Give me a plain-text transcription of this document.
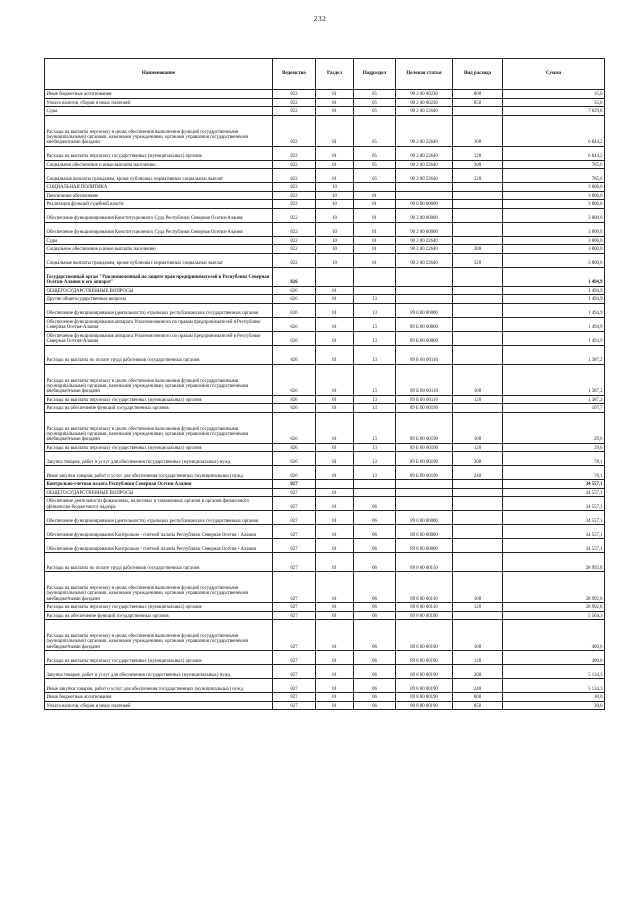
232
Наименование	Ведомство	Раздел	Подраздел	Целевая статья	Вид расхода	Сумма
Иные бюджетные ассигнования	822	01	05	90 2 00 00230	800	35,0
Уплата налогов, сборов и иных платежей	822	01	05	90 2 00 00230	850	35,0
Суды	822	01	05	90 2 00 22640		7 629,8
Расходы на выплаты персоналу в целях обеспечения выполнения функций государственными (муниципальными) органами, казенными учреждениями, органами управления государственными внебюджетными фондами	822	01	05	90 2 00 22640	100	6 844,2
Расходы на выплаты персоналу государственных (муниципальных) органов	822	01	05	90 2 00 22640	120	6 844,2
Социальное обеспечение и иные выплаты населению	822	01	05	90 2 00 22640	300	785,6
Социальные выплаты гражданам, кроме публичных нормативных социальных выплат	822	01	05	90 2 00 22640	320	785,6
СОЦИАЛЬНАЯ ПОЛИТИКА	822	10				3 800,0
Пенсионное обеспечение	822	10	01			3 800,0
Реализация функций судебной власти	822	10	01	90 0 00 00000		3 800,0
Обеспечение функционирования Конституционного Суда Республики Северная Осетия-Алания	822	10	01	90 2 00 00000		3 800,0
Обеспечение функционирования Конституционного Суда Республики Северная Осетия-Алания	822	10	01	90 2 00 00000		3 800,0
Суды	822	10	01	90 2 00 22640		3 800,0
Социальное обеспечение и иные выплаты населению	822	10	01	90 2 00 22640	300	3 800,0
Социальные выплаты гражданам, кроме публичных нормативных социальных выплат	822	10	01	90 2 00 22640	320	3 800,0
Государственный орган "Уполномоченный по защите прав предпринимателей в Республике Северная Осетия-Алания и его аппарат"	826					1 494,9
ОБЩЕГОСУДАРСТВЕННЫЕ ВОПРОСЫ	826	01				1 494,9
Другие общегосударственные вопросы	826	01	13			1 494,9
Обеспечение функционирования (деятельности) отдельных республиканских государственных органов	826	01	13	89 0 00 00000		1 494,9
Обеспечение функционирования аппарата Уполномоченного по правам предпринимателей в Республике Северная Осетия-Алания	826	01	13	89 Б 00 00000		1 494,9
Обеспечение функционирования аппарата Уполномоченного по правам предпринимателей в Республике Северная Осетия-Алания	826	01	13	89 Б 00 00000		1 494,9
Расходы на выплаты по оплате труда работников государственных органов	826	01	13	89 Б 00 00110		1 387,2
Расходы на выплаты персоналу в целях обеспечения выполнения функций государственными (муниципальными) органами, казенными учреждениями, органами управления государственными внебюджетными фондами	826	01	13	89 Б 00 00110	100	1 387,2
Расходы на выплаты персоналу государственных (муниципальных) органов	826	01	13	89 Б 00 00110	120	1 387,2
Расходы на обеспечение функций государственных органов	826	01	13	89 Б 00 00190		107,7
Расходы на выплаты персоналу в целях обеспечения выполнения функций государственными (муниципальными) органами, казенными учреждениями, органами управления государственными внебюджетными фондами	826	01	13	89 Б 00 00190	100	29,6
Расходы на выплаты персоналу государственных (муниципальных) органов	826	01	13	89 Б 00 00190	120	29,6
Закупка товаров, работ и услуг для обеспечения государственных (муниципальных) нужд	826	01	13	89 Б 00 00190	200	78,1
Иные закупки товаров, работ и услуг для обеспечения государственных (муниципальных) нужд	826	01	13	89 Б 00 00190	240	78,1
Контрольно-счетная палата Республики Северная Осетия-Алания	827					34 557,1
ОБЩЕГОСУДАРСТВЕННЫЕ ВОПРОСЫ	827	01				34 557,1
Обеспечение деятельности финансовых, налоговых и таможенных органов и органов финансового (финансово-бюджетного) надзора	827	01	06			34 557,1
Обеспечение функционирования (деятельности) отдельных республиканских государственных органов	827	01	06	89 0 00 00000		34 557,1
Обеспечение функционирования Контрольно - счетной палаты Республики Северная Осетия - Алания	827	01	06	89 8 00 00000		34 557,1
Обеспечение функционирования Контрольно - счетной палаты Республики Северная Осетия - Алания	827	01	06	89 8 00 00000		34 557,1
Расходы на выплаты по оплате труда работников государственных органов	827	01	06	89 8 00 00110		28 992,8
Расходы на выплаты персоналу в целях обеспечения выполнения функций государственными (муниципальными) органами, казенными учреждениями, органами управления государственными внебюджетными фондами	827	01	06	89 8 00 00110	100	28 992,8
Расходы на выплаты персоналу государственных (муниципальных) органов	827	01	06	89 8 00 00110	120	28 992,8
Расходы на обеспечение функций государственных органов	827	01	06	89 8 00 00190		5 564,3
Расходы на выплаты персоналу в целях обеспечения выполнения функций государственными (муниципальными) органами, казенными учреждениями, органами управления государственными внебюджетными фондами	827	01	06	89 8 00 00190	100	400,0
Расходы на выплаты персоналу государственных (муниципальных) органов	827	01	06	89 8 00 00190	120	400,0
Закупка товаров, работ и услуг для обеспечения государственных (муниципальных) нужд	827	01	06	89 8 00 00190	200	5 134,3
Иные закупки товаров, работ и услуг для обеспечения государственных (муниципальных) нужд	827	01	06	89 8 00 00190	240	5 134,3
Иные бюджетные ассигнования	827	01	06	89 8 00 00190	800	30,0
Уплата налогов, сборов и иных платежей	827	01	06	89 8 00 00190	850	30,0
